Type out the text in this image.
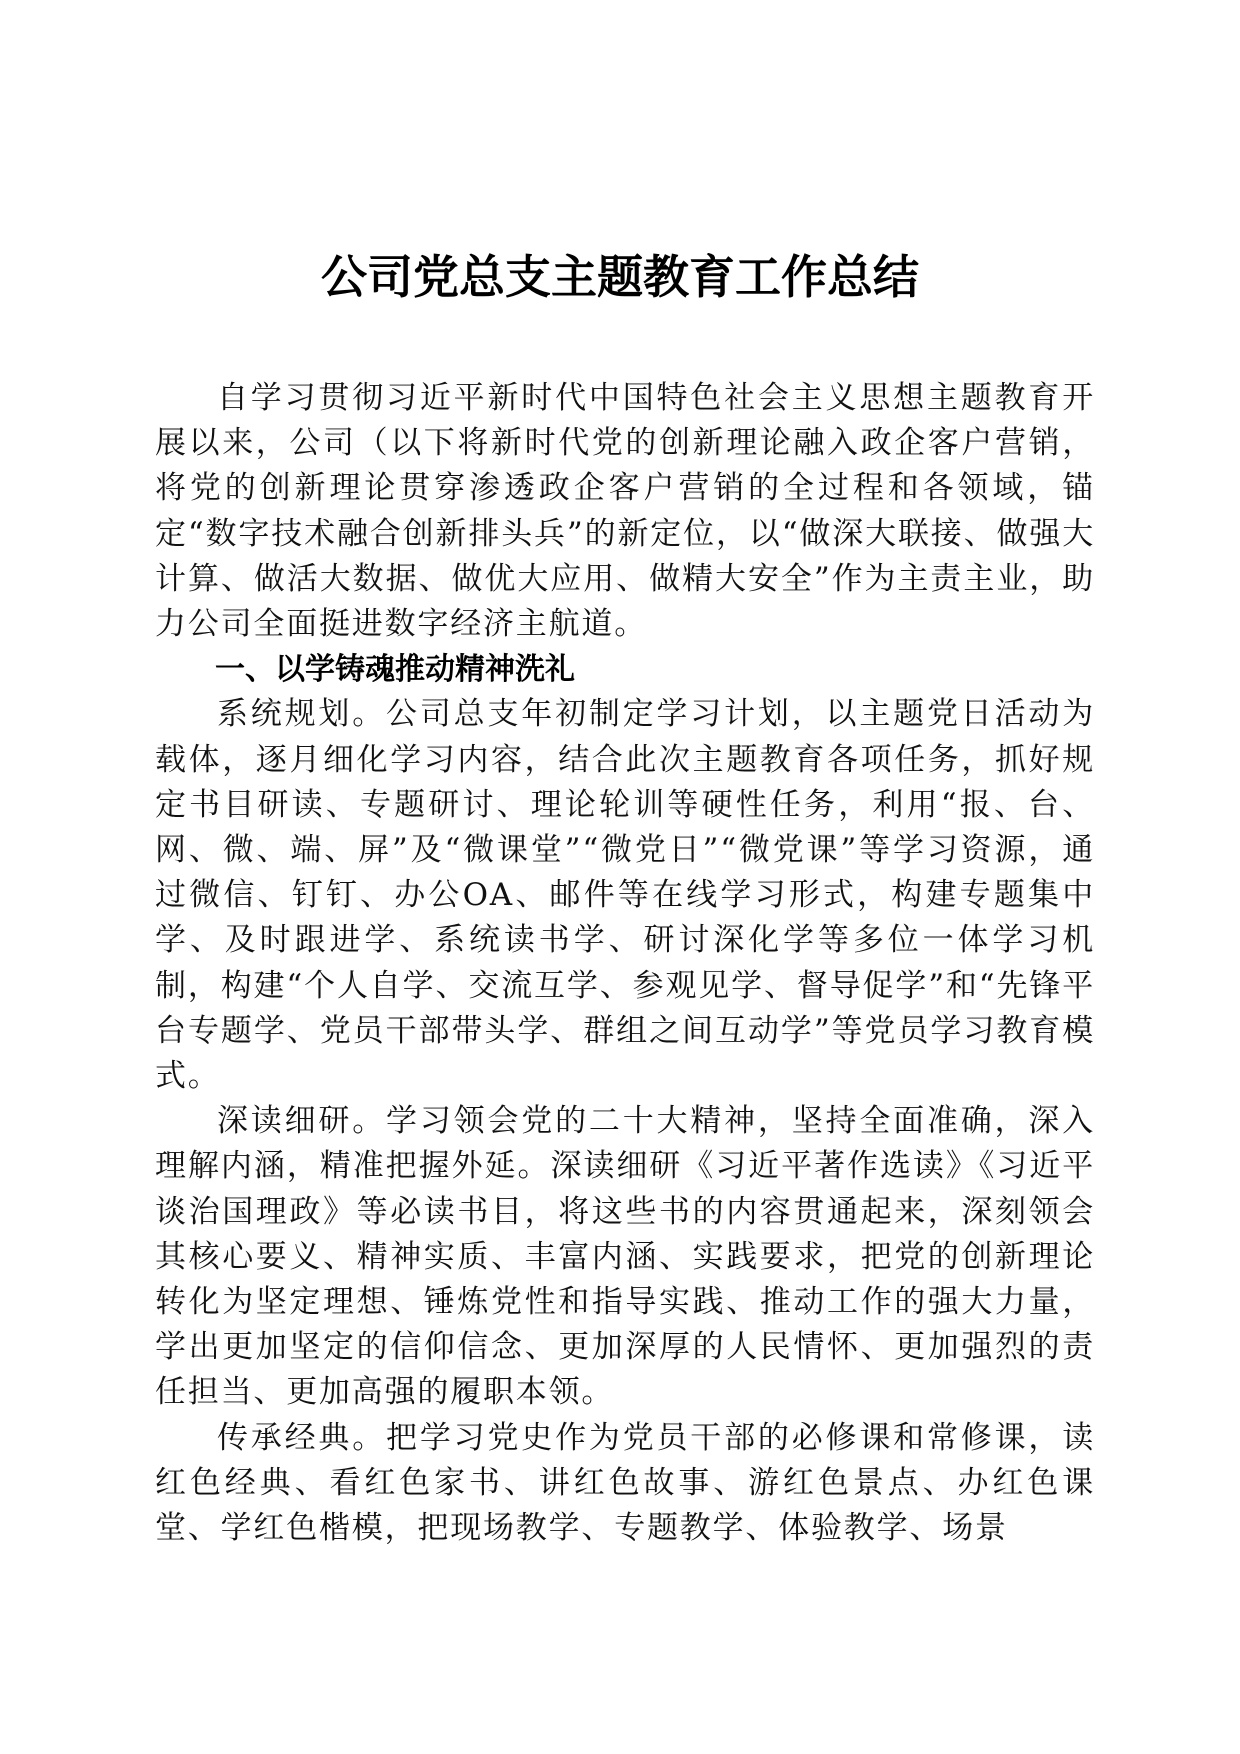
公司党总支主题教育工作总结

自学习贯彻习近平新时代中国特色社会主义思想主题教育开展以来，公司（以下将新时代党的创新理论融入政企客户营销，将党的创新理论贯穿渗透政企客户营销的全过程和各领域，锚定“数字技术融合创新排头兵”的新定位，以“做深大联接、做强大计算、做活大数据、做优大应用、做精大安全”作为主责主业，助力公司全面挺进数字经济主航道。

一、以学铸魂推动精神洗礼

系统规划。公司总支年初制定学习计划，以主题党日活动为载体，逐月细化学习内容，结合此次主题教育各项任务，抓好规定书目研读、专题研讨、理论轮训等硬性任务，利用“报、台、网、微、端、屏”及“微课堂”“微党日”“微党课”等学习资源，通过微信、钉钉、办公OA、邮件等在线学习形式，构建专题集中学、及时跟进学、系统读书学、研讨深化学等多位一体学习机制，构建“个人自学、交流互学、参观见学、督导促学”和“先锋平台专题学、党员干部带头学、群组之间互动学”等党员学习教育模式。

深读细研。学习领会党的二十大精神，坚持全面准确，深入理解内涵，精准把握外延。深读细研《习近平著作选读》《习近平谈治国理政》等必读书目，将这些书的内容贯通起来，深刻领会其核心要义、精神实质、丰富内涵、实践要求，把党的创新理论转化为坚定理想、锤炼党性和指导实践、推动工作的强大力量，学出更加坚定的信仰信念、更加深厚的人民情怀、更加强烈的责任担当、更加高强的履职本领。

传承经典。把学习党史作为党员干部的必修课和常修课，读红色经典、看红色家书、讲红色故事、游红色景点、办红色课堂、学红色楷模，把现场教学、专题教学、体验教学、场景
